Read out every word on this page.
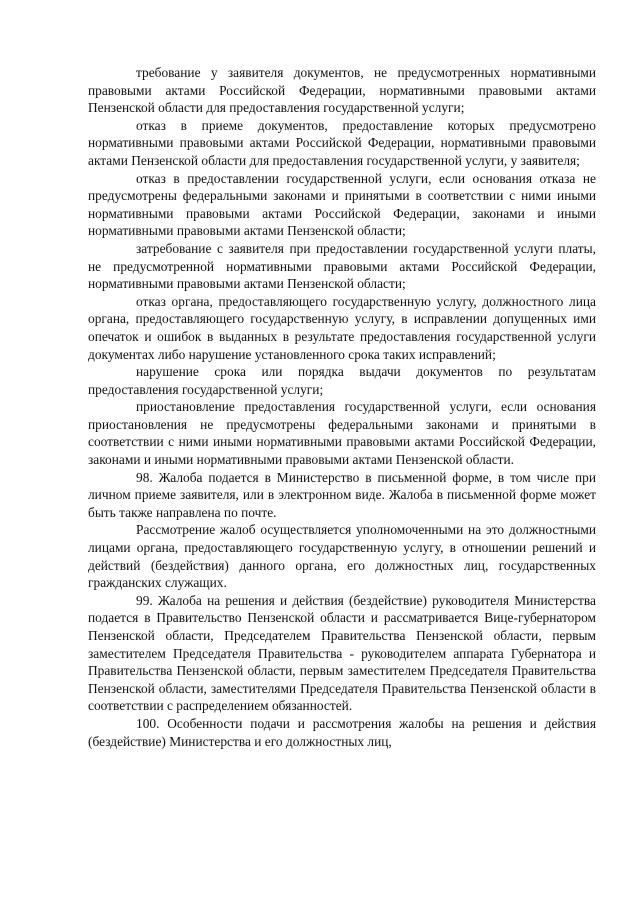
требование у заявителя документов, не предусмотренных нормативными правовыми актами Российской Федерации, нормативными правовыми актами Пензенской области для предоставления государственной услуги;

отказ в приеме документов, предоставление которых предусмотрено нормативными правовыми актами Российской Федерации, нормативными правовыми актами Пензенской области для предоставления государственной услуги, у заявителя;

отказ в предоставлении государственной услуги, если основания отказа не предусмотрены федеральными законами и принятыми в соответствии с ними иными нормативными правовыми актами Российской Федерации, законами и иными нормативными правовыми актами Пензенской области;

затребование с заявителя при предоставлении государственной услуги платы, не предусмотренной нормативными правовыми актами Российской Федерации, нормативными правовыми актами Пензенской области;

отказ органа, предоставляющего государственную услугу, должностного лица органа, предоставляющего государственную услугу, в исправлении допущенных ими опечаток и ошибок в выданных в результате предоставления государственной услуги документах либо нарушение установленного срока таких исправлений;

нарушение срока или порядка выдачи документов по результатам предоставления государственной услуги;

приостановление предоставления государственной услуги, если основания приостановления не предусмотрены федеральными законами и принятыми в соответствии с ними иными нормативными правовыми актами Российской Федерации, законами и иными нормативными правовыми актами Пензенской области.

98. Жалоба подается в Министерство в письменной форме, в том числе при личном приеме заявителя, или в электронном виде. Жалоба в письменной форме может быть также направлена по почте.

Рассмотрение жалоб осуществляется уполномоченными на это должностными лицами органа, предоставляющего государственную услугу, в отношении решений и действий (бездействия) данного органа, его должностных лиц, государственных гражданских служащих.

99. Жалоба на решения и действия (бездействие) руководителя Министерства подается в Правительство Пензенской области и рассматривается Вице-губернатором Пензенской области, Председателем Правительства Пензенской области, первым заместителем Председателя Правительства - руководителем аппарата Губернатора и Правительства Пензенской области, первым заместителем Председателя Правительства Пензенской области, заместителями Председателя Правительства Пензенской области в соответствии с распределением обязанностей.

100. Особенности подачи и рассмотрения жалобы на решения и действия (бездействие) Министерства и его должностных лиц,
